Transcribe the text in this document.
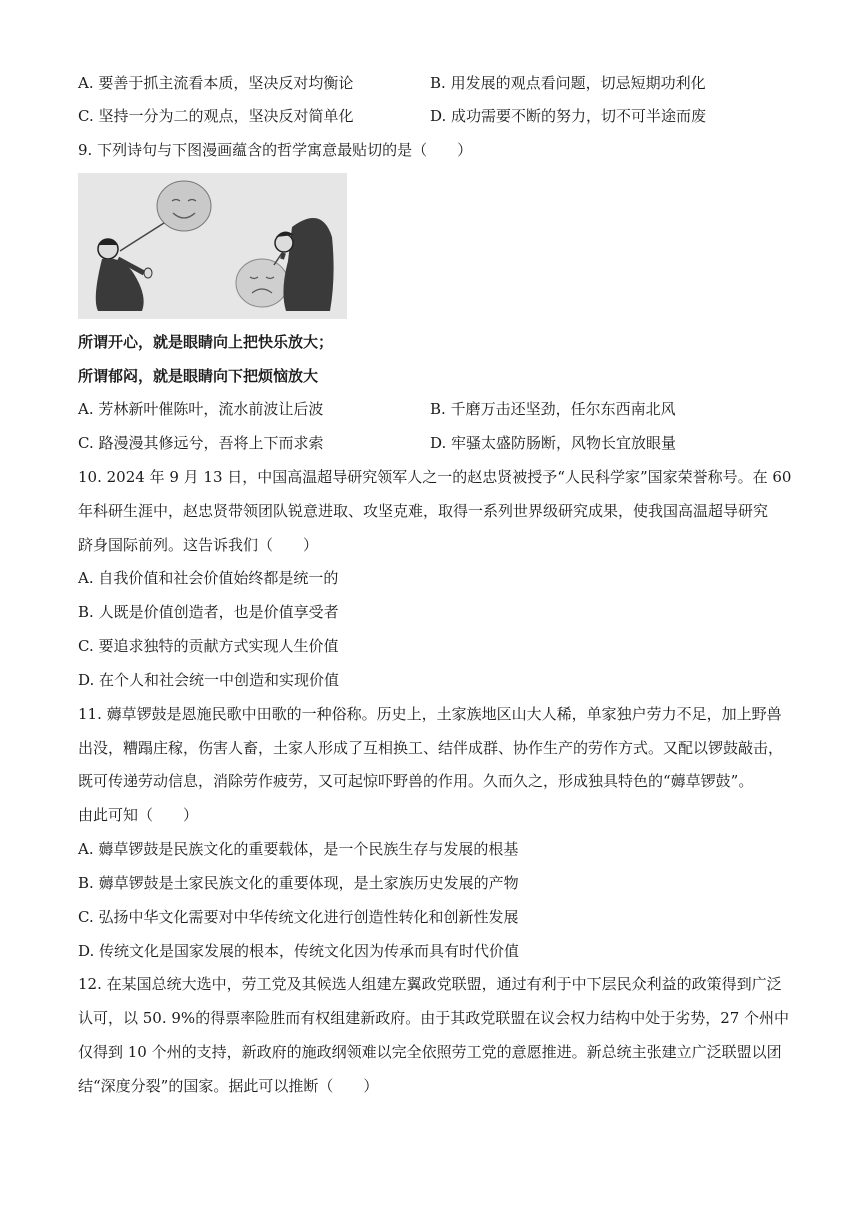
A. 要善于抓主流看本质，坚决反对均衡论	B. 用发展的观点看问题，切忌短期功利化
C. 坚持一分为二的观点，坚决反对简单化	D. 成功需要不断的努力，切不可半途而废
9. 下列诗句与下图漫画蕴含的哲学寓意最贴切的是（　　）
所谓开心，就是眼睛向上把快乐放大；
所谓郁闷，就是眼睛向下把烦恼放大
A. 芳林新叶催陈叶，流水前波让后波	B. 千磨万击还坚劲，任尔东西南北风
C. 路漫漫其修远兮，吾将上下而求索	D. 牢骚太盛防肠断，风物长宜放眼量
10. 2024 年 9 月 13 日，中国高温超导研究领军人之一的赵忠贤被授予“人民科学家”国家荣誉称号。在 60
年科研生涯中，赵忠贤带领团队锐意进取、攻坚克难，取得一系列世界级研究成果，使我国高温超导研究
跻身国际前列。这告诉我们（　　）
A. 自我价值和社会价值始终都是统一的
B. 人既是价值创造者，也是价值享受者
C. 要追求独特的贡献方式实现人生价值
D. 在个人和社会统一中创造和实现价值
11. 薅草锣鼓是恩施民歌中田歌的一种俗称。历史上，土家族地区山大人稀，单家独户劳力不足，加上野兽
出没，糟蹋庄稼，伤害人畜，土家人形成了互相换工、结伴成群、协作生产的劳作方式。又配以锣鼓敲击，
既可传递劳动信息，消除劳作疲劳，又可起惊吓野兽的作用。久而久之，形成独具特色的“薅草锣鼓”。
由此可知（　　）
A. 薅草锣鼓是民族文化的重要载体，是一个民族生存与发展的根基
B. 薅草锣鼓是土家民族文化的重要体现，是土家族历史发展的产物
C. 弘扬中华文化需要对中华传统文化进行创造性转化和创新性发展
D. 传统文化是国家发展的根本，传统文化因为传承而具有时代价值
12. 在某国总统大选中，劳工党及其候选人组建左翼政党联盟，通过有利于中下层民众利益的政策得到广泛
认可，以 50. 9%的得票率险胜而有权组建新政府。由于其政党联盟在议会权力结构中处于劣势，27 个州中
仅得到 10 个州的支持，新政府的施政纲领难以完全依照劳工党的意愿推进。新总统主张建立广泛联盟以团
结“深度分裂”的国家。据此可以推断（　　）
